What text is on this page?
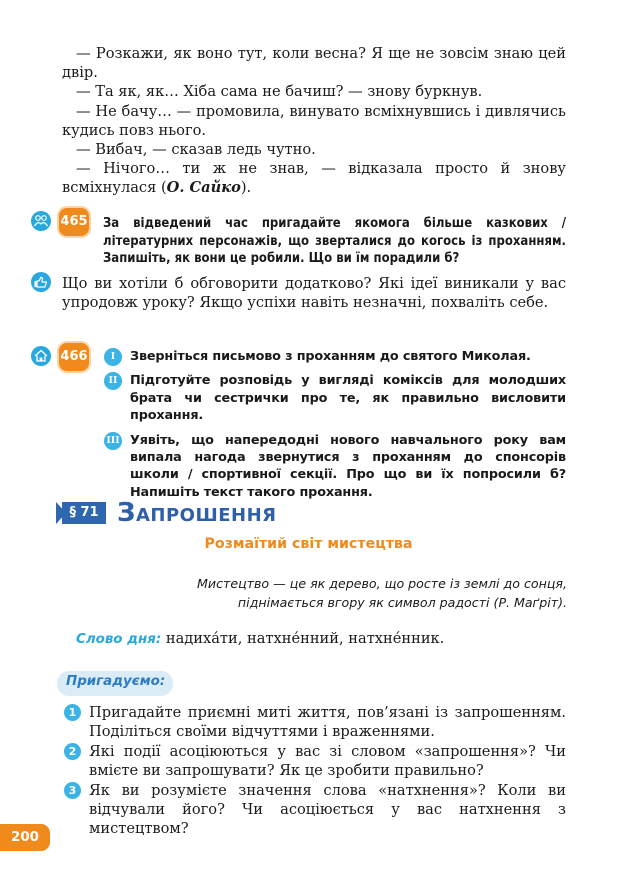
— Розкажи, як воно тут, коли весна? Я ще не зовсім знаю цей двір.

— Та як, як… Хіба сама не бачиш? — знову буркнув.

— Не бачу… — промовила, винувато всміхнувшись і дивлячись кудись повз нього.

— Вибач, — сказав ледь чутно.

— Нічого… ти ж не знав, — відказала просто й знову всміхнулася (О. Сайко).

465 За відведений час пригадайте якомога більше казкових / літературних персонажів, що зверталися до когось із проханням. Запишіть, як вони це робили. Що ви їм порадили б?
Що ви хотіли б обговорити додатково? Які ідеї виникали у вас упродовж уроку? Якщо успіхи навіть незначні, похваліть себе.
466	I	Зверніться письмово з проханням до святого Миколая.
II Підготуйте розповідь у вигляді коміксів для молодших брата чи сестрички про те, як правильно висловити прохання.
III Уявіть, що напередодні нового навчального року вам випала нагода звернутися з проханням до спонсорів школи / спортивної секції. Про що ви їх попросили б? Напишіть текст такого прохання.
§ 71 ЗАПРОШЕННЯ
Розмаїтий світ мистецтва
Мистецтво — це як дерево, що росте із землі до сонця,
піднімається вгору як символ радості (Р. Маґріт).
Слово дня: надиха́ти, натхне́нний, натхне́нник.
Пригадуємо:
1 Пригадайте приємні миті життя, пов’язані із запрошенням. Поділіться своїми відчуттями і враженнями.
2 Які події асоціюються у вас зі словом «запрошення»? Чи вмієте ви запрошувати? Як це зробити правильно?
3 Як ви розумієте значення слова «натхнення»? Коли ви відчували його? Чи асоціюється у вас натхнення з мистецтвом?
200
